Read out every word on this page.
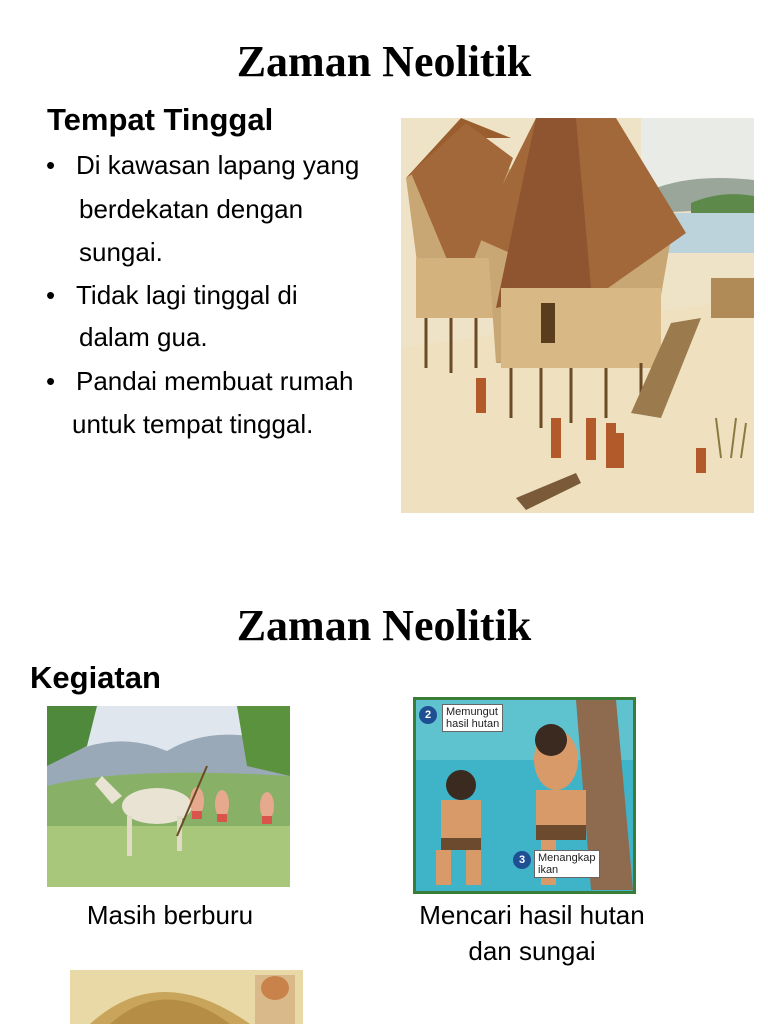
Zaman Neolitik
Tempat Tinggal
• Di kawasan lapang yang
berdekatan dengan
sungai.
• Tidak lagi tinggal di
dalam gua.
• Pandai membuat rumah
untuk tempat tinggal.
Zaman Neolitik
Kegiatan
2	Memungut
hasil hutan
3	Menangkap
ikan
Masih berburu	Mencari hasil hutan
dan sungai
